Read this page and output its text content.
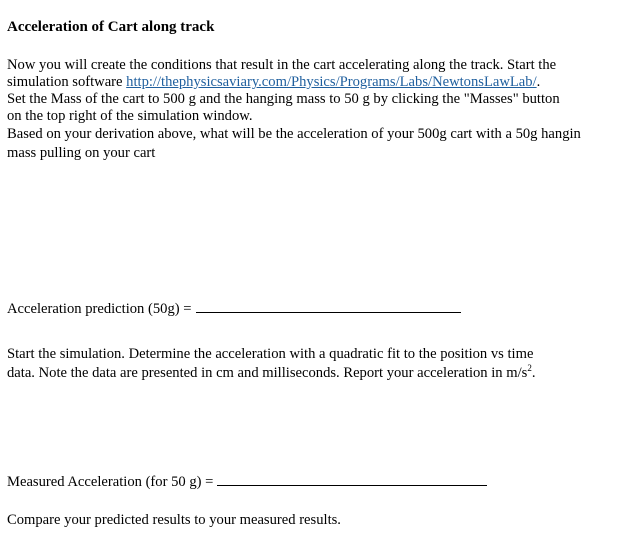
Acceleration of Cart along track
Now you will create the conditions that result in the cart accelerating along the track. Start the
simulation software http://thephysicsaviary.com/Physics/Programs/Labs/NewtonsLawLab/.
Set the Mass of the cart to 500 g and the hanging mass to 50 g by clicking the "Masses" button
on the top right of the simulation window.
Based on your derivation above, what will be the acceleration of your 500g cart with a 50g hangin
mass pulling on your cart
Acceleration prediction (50g) =
Start the simulation. Determine the acceleration with a quadratic fit to the position vs time
data. Note the data are presented in cm and milliseconds. Report your acceleration in $m/s^2$.
Measured Acceleration (for 50 g) =
Compare your predicted results to your measured results.
